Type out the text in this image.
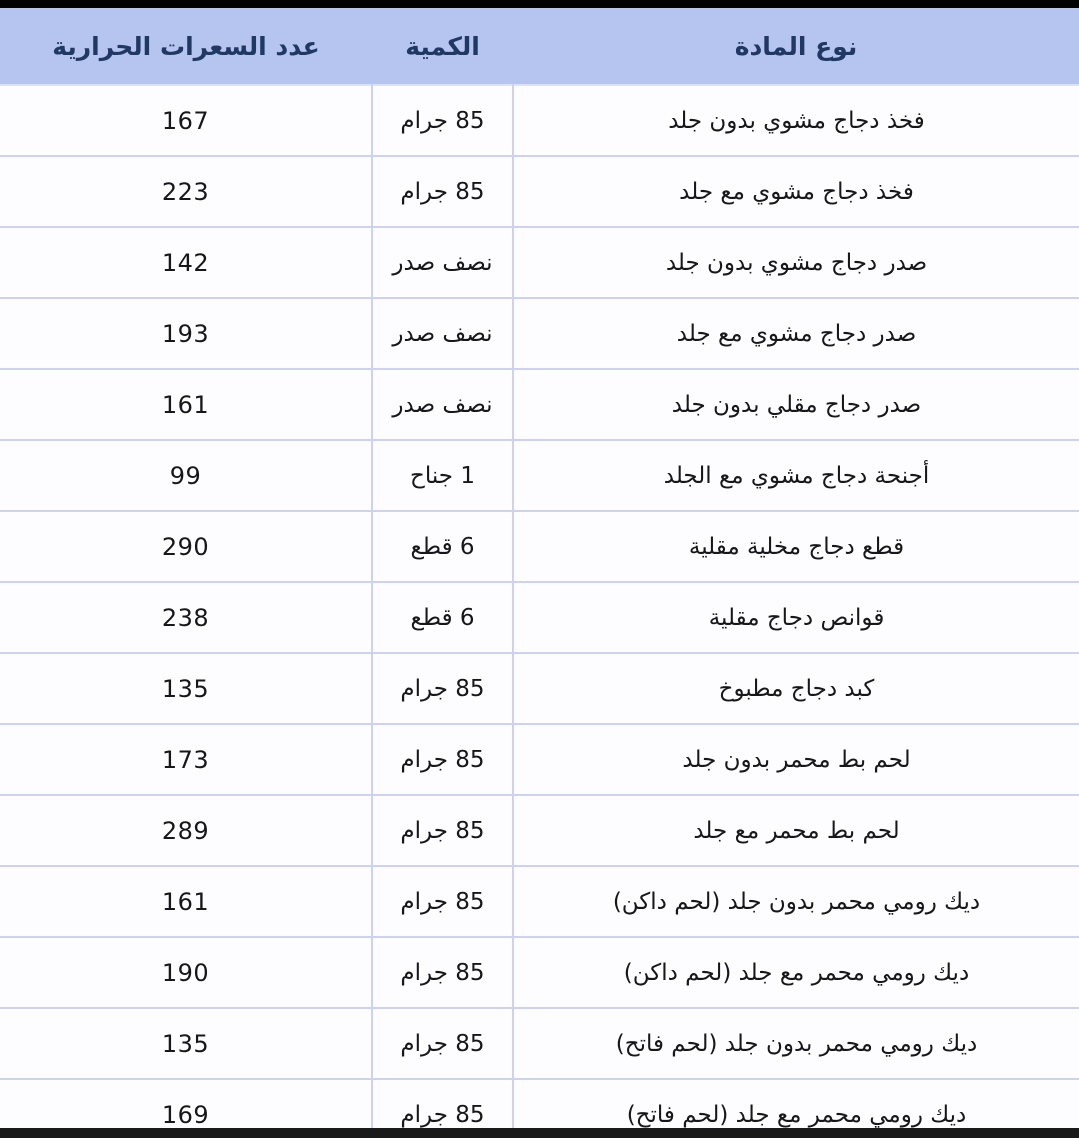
نوع المادة	الكمية	عدد السعرات الحرارية
فخذ دجاج مشوي بدون جلد	85 جرام	167
فخذ دجاج مشوي مع جلد	85 جرام	223
صدر دجاج مشوي بدون جلد	نصف صدر	142
صدر دجاج مشوي مع جلد	نصف صدر	193
صدر دجاج مقلي بدون جلد	نصف صدر	161
أجنحة دجاج مشوي مع الجلد	1 جناح	99
قطع دجاج مخلية مقلية	6 قطع	290
قوانص دجاج مقلية	6 قطع	238
كبد دجاج مطبوخ	85 جرام	135
لحم بط محمر بدون جلد	85 جرام	173
لحم بط محمر مع جلد	85 جرام	289
ديك رومي محمر بدون جلد (لحم داكن)	85 جرام	161
ديك رومي محمر مع جلد (لحم داكن)	85 جرام	190
ديك رومي محمر بدون جلد (لحم فاتح)	85 جرام	135
ديك رومي محمر مع جلد (لحم فاتح)	85 جرام	169
